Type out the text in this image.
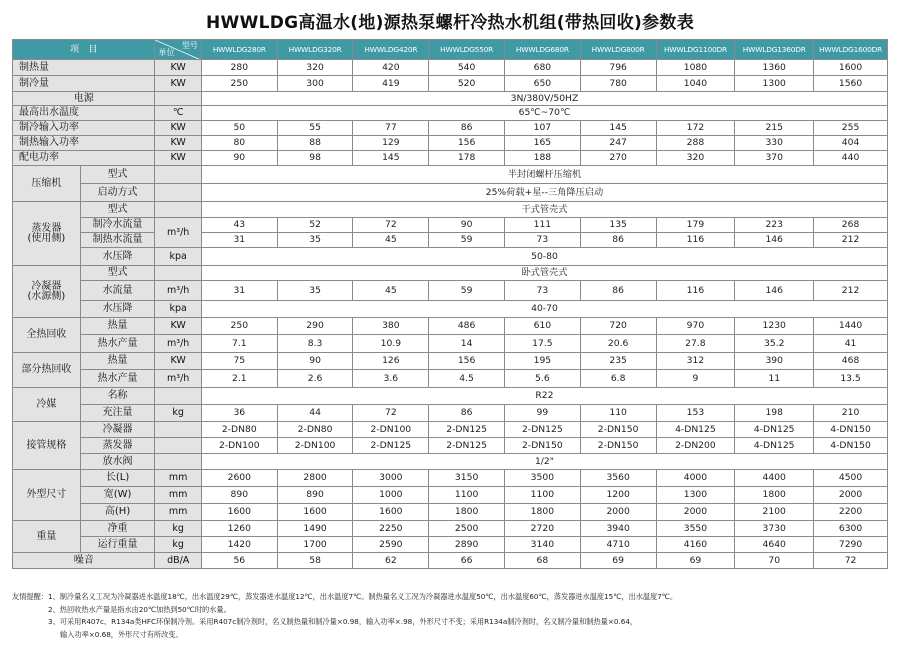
HWWLDG高温水(地)源热泵螺杆冷热水机组(带热回收)参数表
项　目		型号
单位	HWWLDG280R	HWWLDG320R	HWWLDG420R	HWWLDG550R	HWWLDG680R	HWWLDG800R	HWWLDG1100DR	HWWLDG1360DR	HWWLDG1600DR
制热量		KW	280	320	420	540	680	796	1080	1360	1600
制冷量		KW	250	300	419	520	650	780	1040	1300	1560
电源			3N/380V/50HZ								
最高出水温度		℃	65℃~70℃								
制冷输入功率		KW	50	55	77	86	107	145	172	215	255
制热输入功率		KW	80	88	129	156	165	247	288	330	404
配电功率		KW	90	98	145	178	188	270	320	370	440
压缩机	型式		半封闭螺杆压缩机								
	启动方式		25%荷载+星--三角降压启动								
蒸发器
(使用侧)	型式		干式管壳式								
	制冷水流量	m³/h	43	52	72	90	111	135	179	223	268
	制热水流量		31	35	45	59	73	86	116	146	212
	水压降	kpa	50-80								
冷凝器
(水源侧)	型式		卧式管壳式								
	水流量	m³/h	31	35	45	59	73	86	116	146	212
	水压降	kpa	40-70								
全热回收	热量	KW	250	290	380	486	610	720	970	1230	1440
	热水产量	m³/h	7.1	8.3	10.9	14	17.5	20.6	27.8	35.2	41
部分热回收	热量	KW	75	90	126	156	195	235	312	390	468
	热水产量	m³/h	2.1	2.6	3.6	4.5	5.6	6.8	9	11	13.5
冷媒	名称		R22								
	充注量	kg	36	44	72	86	99	110	153	198	210
接管规格	冷凝器		2-DN80	2-DN80	2-DN100	2-DN125	2-DN125	2-DN150	4-DN125	4-DN125	4-DN150
	蒸发器		2-DN100	2-DN100	2-DN125	2-DN125	2-DN150	2-DN150	2-DN200	4-DN125	4-DN150
	放水阀		1/2"								
外型尺寸	长(L)	mm	2600	2800	3000	3150	3500	3560	4000	4400	4500
	宽(W)	mm	890	890	1000	1100	1100	1200	1300	1800	2000
	高(H)	mm	1600	1600	1600	1800	1800	2000	2000	2100	2200
重量	净重	kg	1260	1490	2250	2500	2720	3940	3550	3730	6300
	运行重量	kg	1420	1700	2590	2890	3140	4710	4160	4640	7290
噪音		dB/A	56	58	62	66	68	69	69	70	72
友情提醒：1、制冷量名义工况为冷凝器进水温度18℃，出水温度29℃，蒸发器进水温度12℃，出水温度7℃。制热量名义工况为冷凝器进水温度50℃，出水温度60℃，蒸发器进水温度15℃，出水温度7℃。
2、热回收热水产量是指水由20℃加热到50℃时的水量。
3、可采用R407c、R134a类HFC环保制冷剂。采用R407c制冷剂时，名义制热量和制冷量×0.98，输入功率×.98，外形尺寸不变；采用R134a制冷剂时，名义制冷量和制热量×0.64，
输入功率×0.68，外形尺寸有所改变。
